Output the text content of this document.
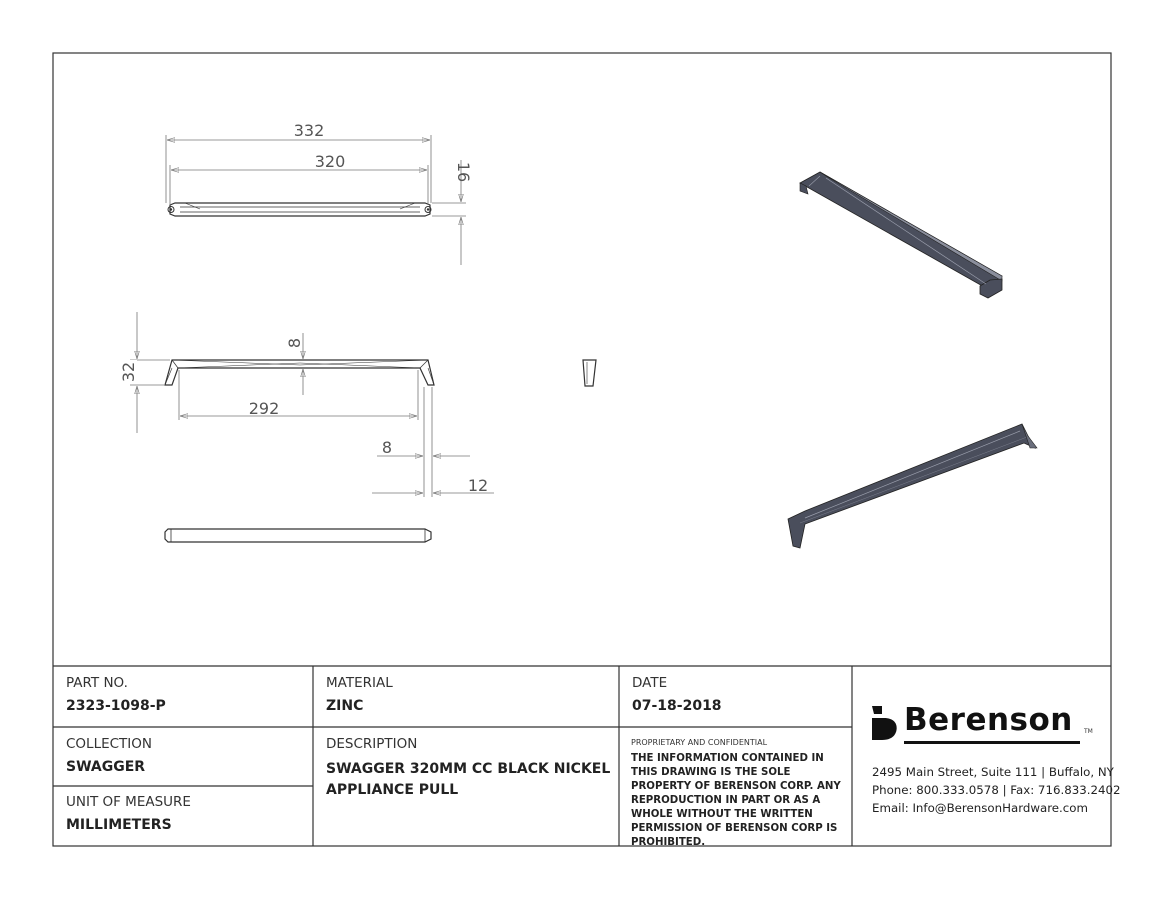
332
320
16
32
8
292
8
12
PART NO.
2323-1098-P
COLLECTION
SWAGGER
UNIT OF MEASURE
MILLIMETERS
MATERIAL
ZINC
DESCRIPTION
SWAGGER 320MM CC BLACK NICKEL APPLIANCE PULL
DATE
07-18-2018
PROPRIETARY AND CONFIDENTIAL
THE INFORMATION CONTAINED IN THIS DRAWING IS THE SOLE PROPERTY OF BERENSON CORP. ANY REPRODUCTION IN PART OR AS A WHOLE WITHOUT THE WRITTEN PERMISSION OF BERENSON CORP IS PROHIBITED.
Berenson TM
2495 Main Street, Suite 111 | Buffalo, NY
Phone: 800.333.0578 | Fax: 716.833.2402
Email: Info@BerensonHardware.com
